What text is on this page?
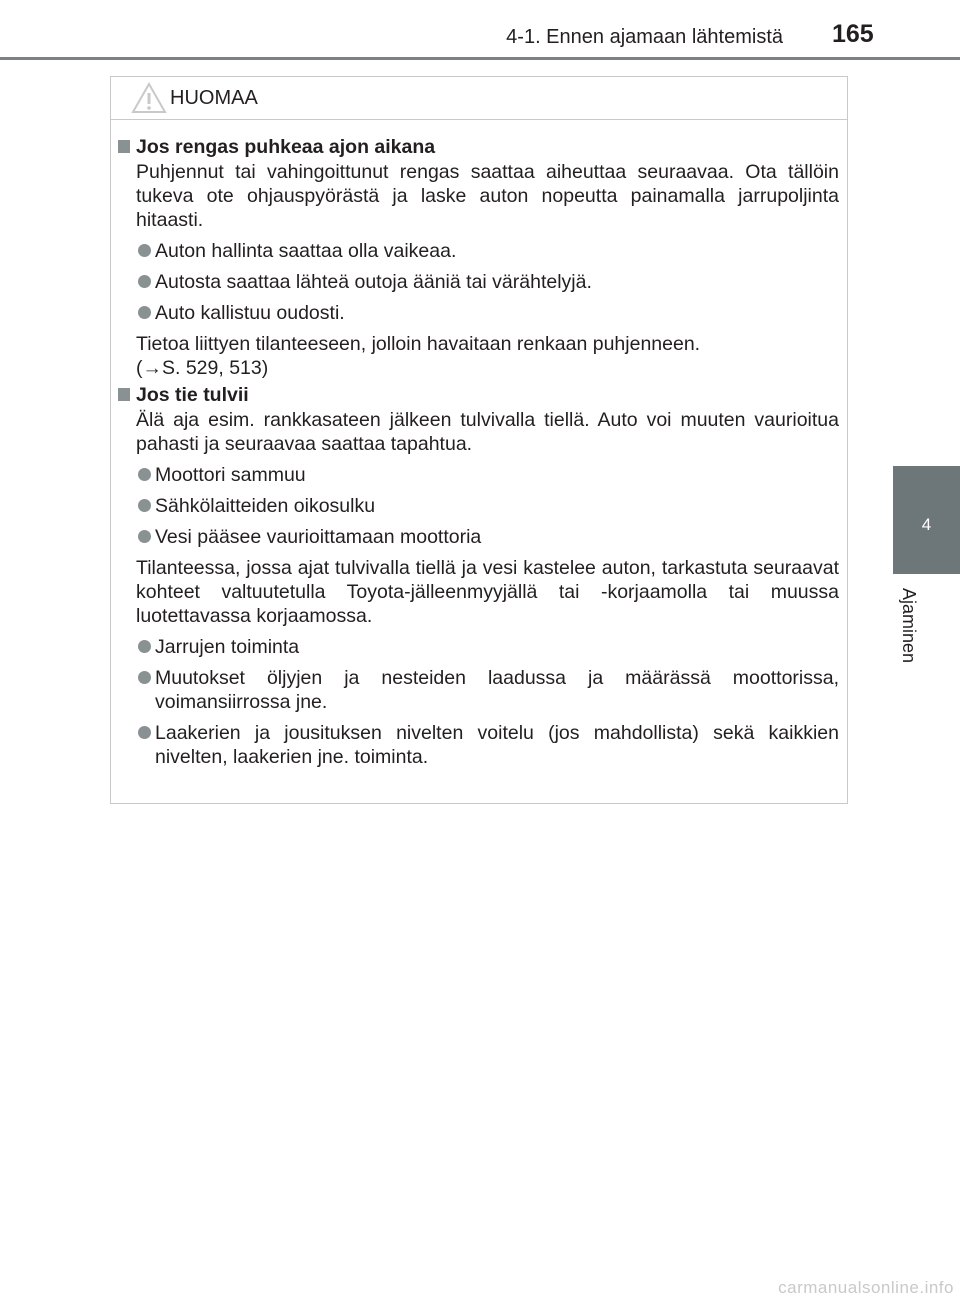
4-1. Ennen ajamaan lähtemistä 165
4
Ajaminen
HUOMAA
Jos rengas puhkeaa ajon aikana
Puhjennut tai vahingoittunut rengas saattaa aiheuttaa seuraavaa. Ota tällöin tukeva ote ohjauspyörästä ja laske auton nopeutta painamalla jarrupoljinta hitaasti.
Auton hallinta saattaa olla vaikeaa.
Autosta saattaa lähteä outoja ääniä tai värähtelyjä.
Auto kallistuu oudosti.
Tietoa liittyen tilanteeseen, jolloin havaitaan renkaan puhjenneen.
(→S. 529, 513)
Jos tie tulvii
Älä aja esim. rankkasateen jälkeen tulvivalla tiellä. Auto voi muuten vaurioitua pahasti ja seuraavaa saattaa tapahtua.
Moottori sammuu
Sähkölaitteiden oikosulku
Vesi pääsee vaurioittamaan moottoria
Tilanteessa, jossa ajat tulvivalla tiellä ja vesi kastelee auton, tarkastuta seuraavat kohteet valtuutetulla Toyota-jälleenmyyjällä tai -korjaamolla tai muussa luotettavassa korjaamossa.
Jarrujen toiminta
Muutokset öljyjen ja nesteiden laadussa ja määrässä moottorissa, voimansiirrossa jne.
Laakerien ja jousituksen nivelten voitelu (jos mahdollista) sekä kaikkien nivelten, laakerien jne. toiminta.
carmanualsonline.info
